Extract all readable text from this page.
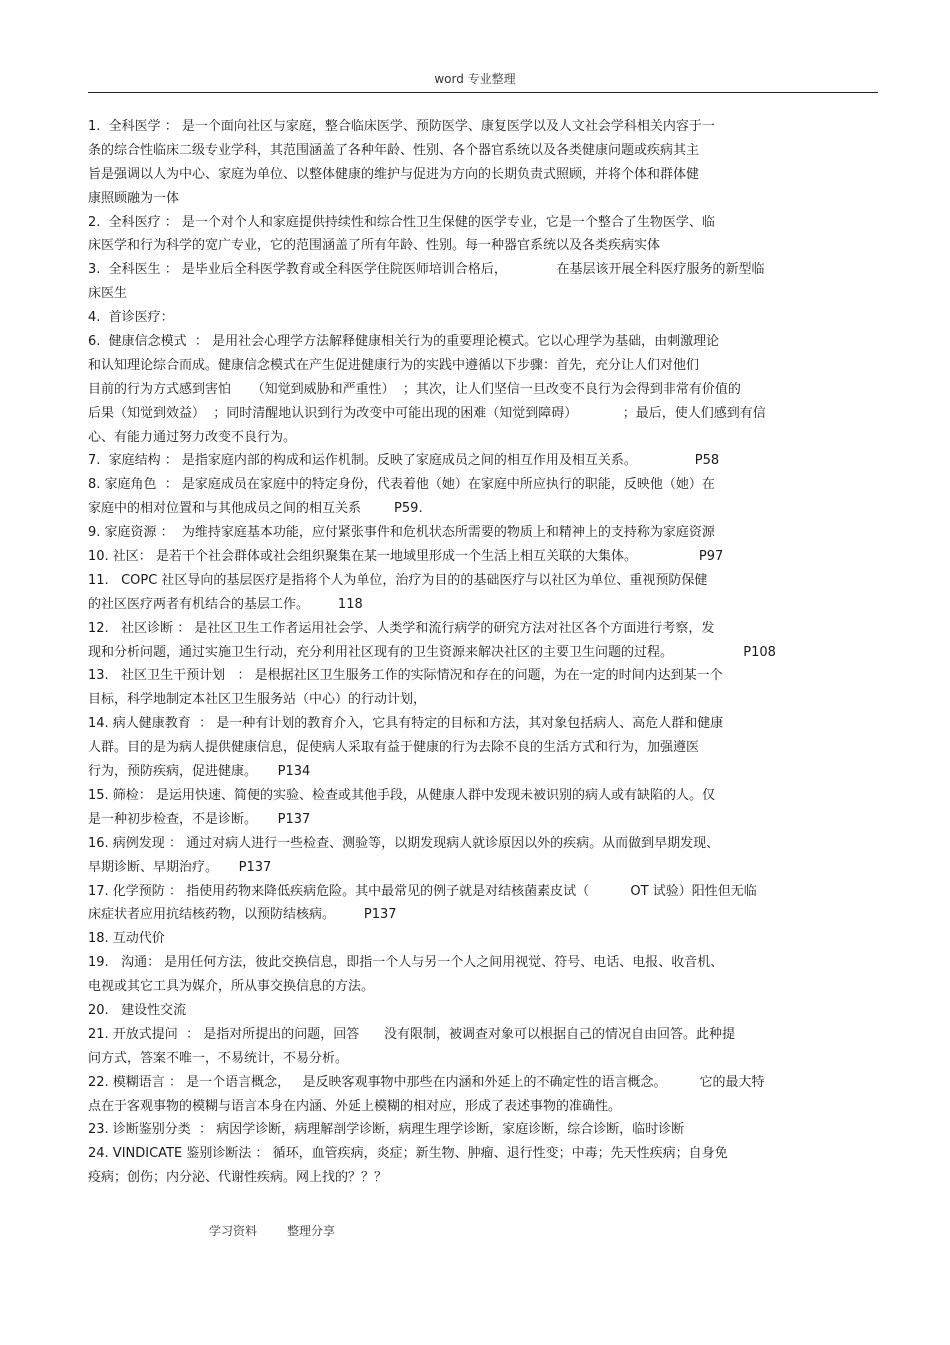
word 专业整理
1.  全科医学 ： 是一个面向社区与家庭，整合临床医学、预防医学、康复医学以及人文社会学科相关内容于一
条的综合性临床二级专业学科，其范围涵盖了各种年龄、性别、各个器官系统以及各类健康问题或疾病其主
旨是强调以人为中心、家庭为单位、以整体健康的维护与促进为方向的长期负责式照顾，并将个体和群体健
康照顾融为一体
2.  全科医疗 ： 是一个对个人和家庭提供持续性和综合性卫生保健的医学专业，它是一个整合了生物医学、临
床医学和行为科学的宽广专业，它的范围涵盖了所有年龄、性别。每一种器官系统以及各类疾病实体
3.  全科医生 ： 是毕业后全科医学教育或全科医学住院医师培训合格后，            在基层该开展全科医疗服务的新型临
床医生
4.  首诊医疗：
6.  健康信念模式  ： 是用社会心理学方法解释健康相关行为的重要理论模式。它以心理学为基础，由刺激理论
和认知理论综合而成。健康信念模式在产生促进健康行为的实践中遵循以下步骤：首先，充分让人们对他们
目前的行为方式感到害怕     （知觉到威胁和严重性）  ；其次，让人们坚信一旦改变不良行为会得到非常有价值的
后果（知觉到效益）  ；同时清醒地认识到行为改变中可能出现的困难（知觉到障碍）           ；最后，使人们感到有信
心、有能力通过努力改变不良行为。
7.  家庭结构 ： 是指家庭内部的构成和运作机制。反映了家庭成员之间的相互作用及相互关系。              P58
8. 家庭角色  ： 是家庭成员在家庭中的特定身份，代表着他（她）在家庭中所应执行的职能，反映他（她）在
家庭中的相对位置和与其他成员之间的相互关系        P59.
9. 家庭资源 ：  为维持家庭基本功能，应付紧张事件和危机状态所需要的物质上和精神上的支持称为家庭资源
10. 社区： 是若干个社会群体或社会组织聚集在某一地域里形成一个生活上相互关联的大集体。               P97
11.   COPC 社区导向的基层医疗是指将个人为单位，治疗为目的的基础医疗与以社区为单位、重视预防保健
的社区医疗两者有机结合的基层工作。       118
12.   社区诊断 ： 是社区卫生工作者运用社会学、人类学和流行病学的研究方法对社区各个方面进行考察，发
现和分析问题，通过实施卫生行动，充分利用社区现有的卫生资源来解决社区的主要卫生问题的过程。                 P108
13.   社区卫生干预计划   ： 是根据社区卫生服务工作的实际情况和存在的问题，为在一定的时间内达到某一个
目标，科学地制定本社区卫生服务站（中心）的行动计划，
14. 病人健康教育  ： 是一种有计划的教育介入，它具有特定的目标和方法，其对象包括病人、高危人群和健康
人群。目的是为病人提供健康信息，促使病人采取有益于健康的行为去除不良的生活方式和行为，加强遵医
行为，预防疾病，促进健康。     P134
15. 筛检： 是运用快速、简便的实验、检查或其他手段，从健康人群中发现未被识别的病人或有缺陷的人。仅
是一种初步检查，不是诊断。     P137
16. 病例发现 ： 通过对病人进行一些检查、测验等，以期发现病人就诊原因以外的疾病。从而做到早期发现、
早期诊断、早期治疗。     P137
17. 化学预防 ： 指使用药物来降低疾病危险。其中最常见的例子就是对结核菌素皮试（          OT 试验）阳性但无临
床症状者应用抗结核药物，以预防结核病。       P137
18. 互动代价
19.   沟通： 是用任何方法，彼此交换信息，即指一个人与另一个人之间用视觉、符号、电话、电报、收音机、
电视或其它工具为媒介，所从事交换信息的方法。
20.   建设性交流
21. 开放式提问  ： 是指对所提出的问题，回答      没有限制，被调查对象可以根据自己的情况自由回答。此种提
问方式，答案不唯一，不易统计，不易分析。
22. 模糊语言 ： 是一个语言概念，   是反映客观事物中那些在内涵和外延上的不确定性的语言概念。        它的最大特
点在于客观事物的模糊与语言本身在内涵、外延上模糊的相对应，形成了表述事物的准确性。
23. 诊断鉴别分类  ： 病因学诊断，病理解剖学诊断，病理生理学诊断，家庭诊断，综合诊断，临时诊断
24. VINDICATE 鉴别诊断法 ： 循环，血管疾病，炎症；新生物、肿瘤、退行性变；中毒；先天性疾病；自身免
疫病；创伤；内分泌、代谢性疾病。网上找的？？？
学习资料 整理分享
